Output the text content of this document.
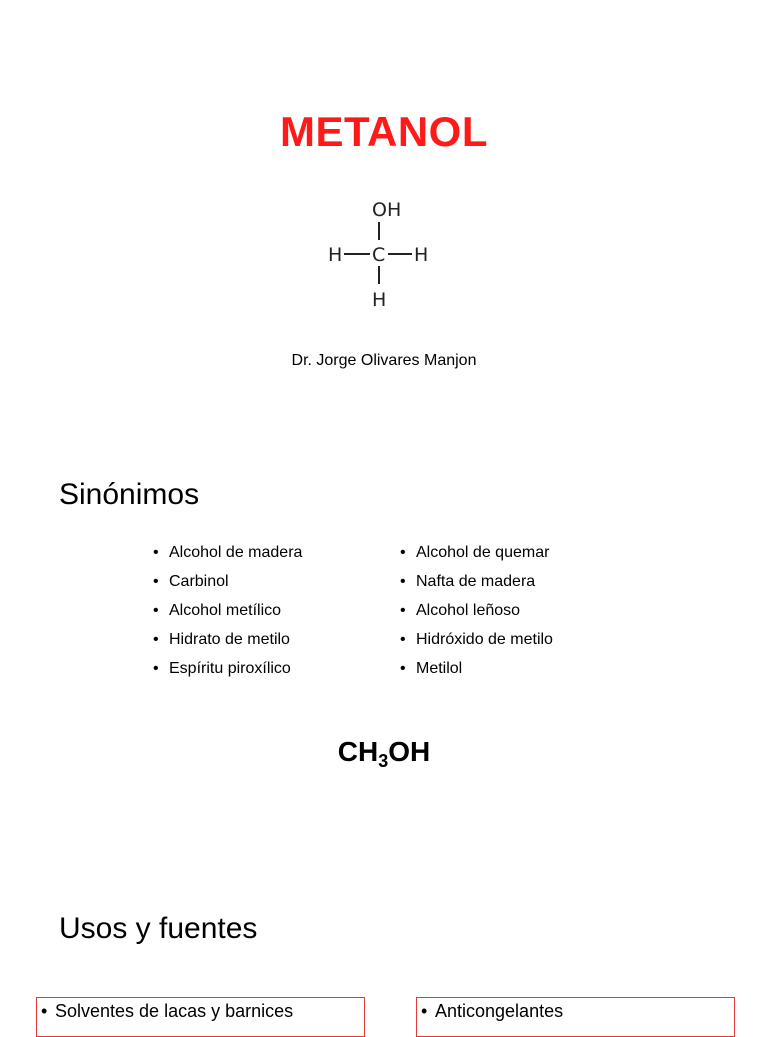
METANOL
OH
H C H
H
Dr. Jorge Olivares Manjon
Sinónimos
• Alcohol de madera
• Carbinol
• Alcohol metílico
• Hidrato de metilo
• Espíritu piroxílico
• Alcohol de quemar
• Nafta de madera
• Alcohol leñoso
• Hidróxido de metilo
• Metilol
$CH_3OH$
Usos y fuentes
• Solventes de lacas y barnices	• Anticongelantes
